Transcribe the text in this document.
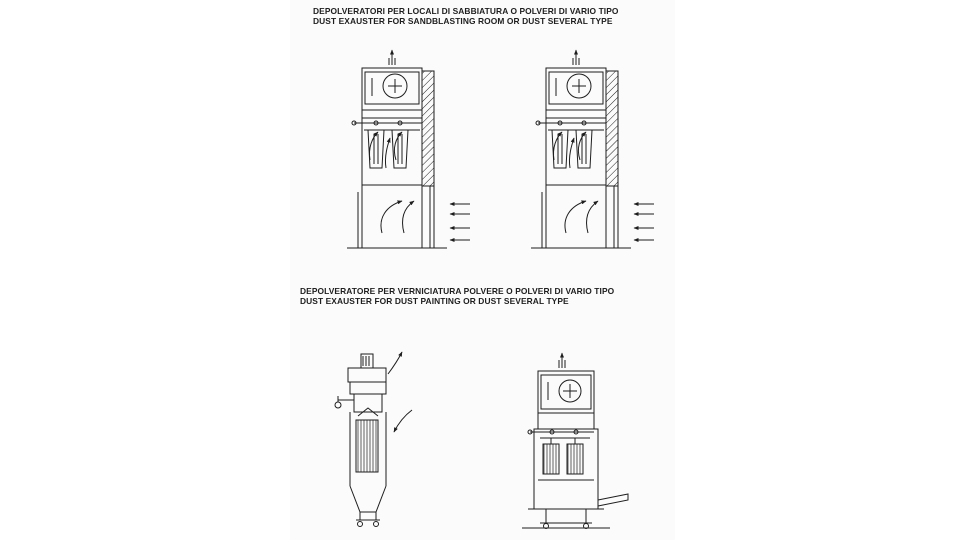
DEPOLVERATORI PER LOCALI DI SABBIATURA O POLVERI DI VARIO TIPO
DUST EXAUSTER FOR SANDBLASTING ROOM OR DUST SEVERAL TYPE
DEPOLVERATORE PER VERNICIATURA POLVERE O POLVERI DI VARIO TIPO
DUST EXAUSTER FOR DUST PAINTING OR DUST SEVERAL TYPE
